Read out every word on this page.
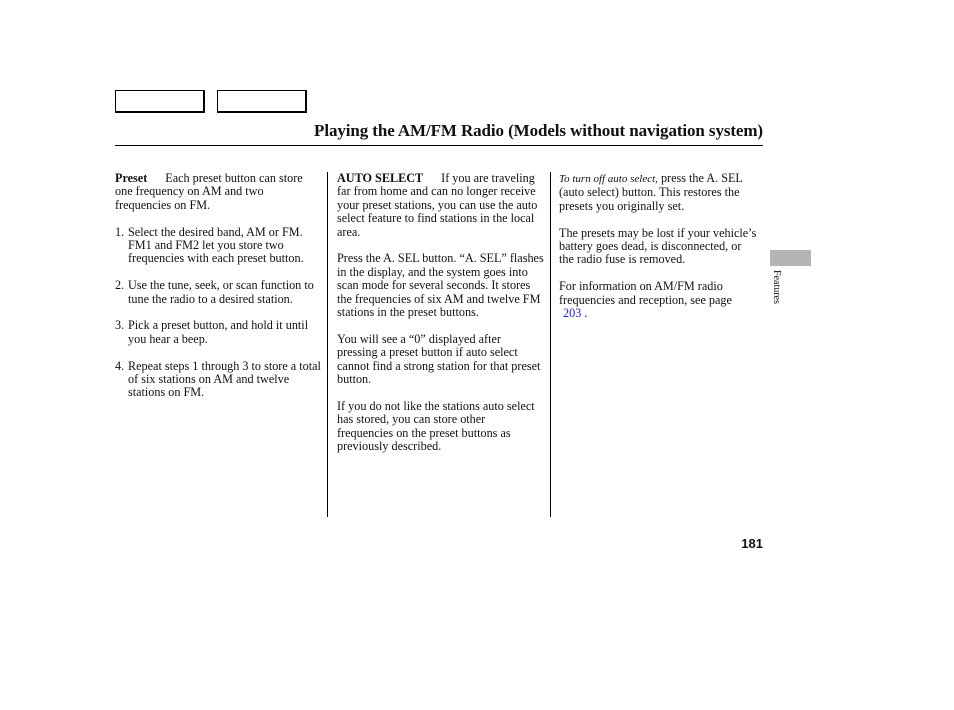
Playing the AM/FM Radio (Models without navigation system)

Preset Each preset button can store one frequency on AM and two frequencies on FM.

1. Select the desired band, AM or FM. FM1 and FM2 let you store two frequencies with each preset button.
2. Use the tune, seek, or scan function to tune the radio to a desired station.
3. Pick a preset button, and hold it until you hear a beep.
4. Repeat steps 1 through 3 to store a total of six stations on AM and twelve stations on FM.

AUTO SELECT If you are traveling far from home and can no longer receive your preset stations, you can use the auto select feature to find stations in the local area.

Press the A. SEL button. “A. SEL” flashes in the display, and the system goes into scan mode for several seconds. It stores the frequencies of six AM and twelve FM stations in the preset buttons.

You will see a “0” displayed after pressing a preset button if auto select cannot find a strong station for that preset button.

If you do not like the stations auto select has stored, you can store other frequencies on the preset buttons as previously described.

To turn off auto select, press the A. SEL (auto select) button. This restores the presets you originally set.

The presets may be lost if your vehicle’s battery goes dead, is disconnected, or the radio fuse is removed.

For information on AM/FM radio frequencies and reception, see page
203 .

Features
181
